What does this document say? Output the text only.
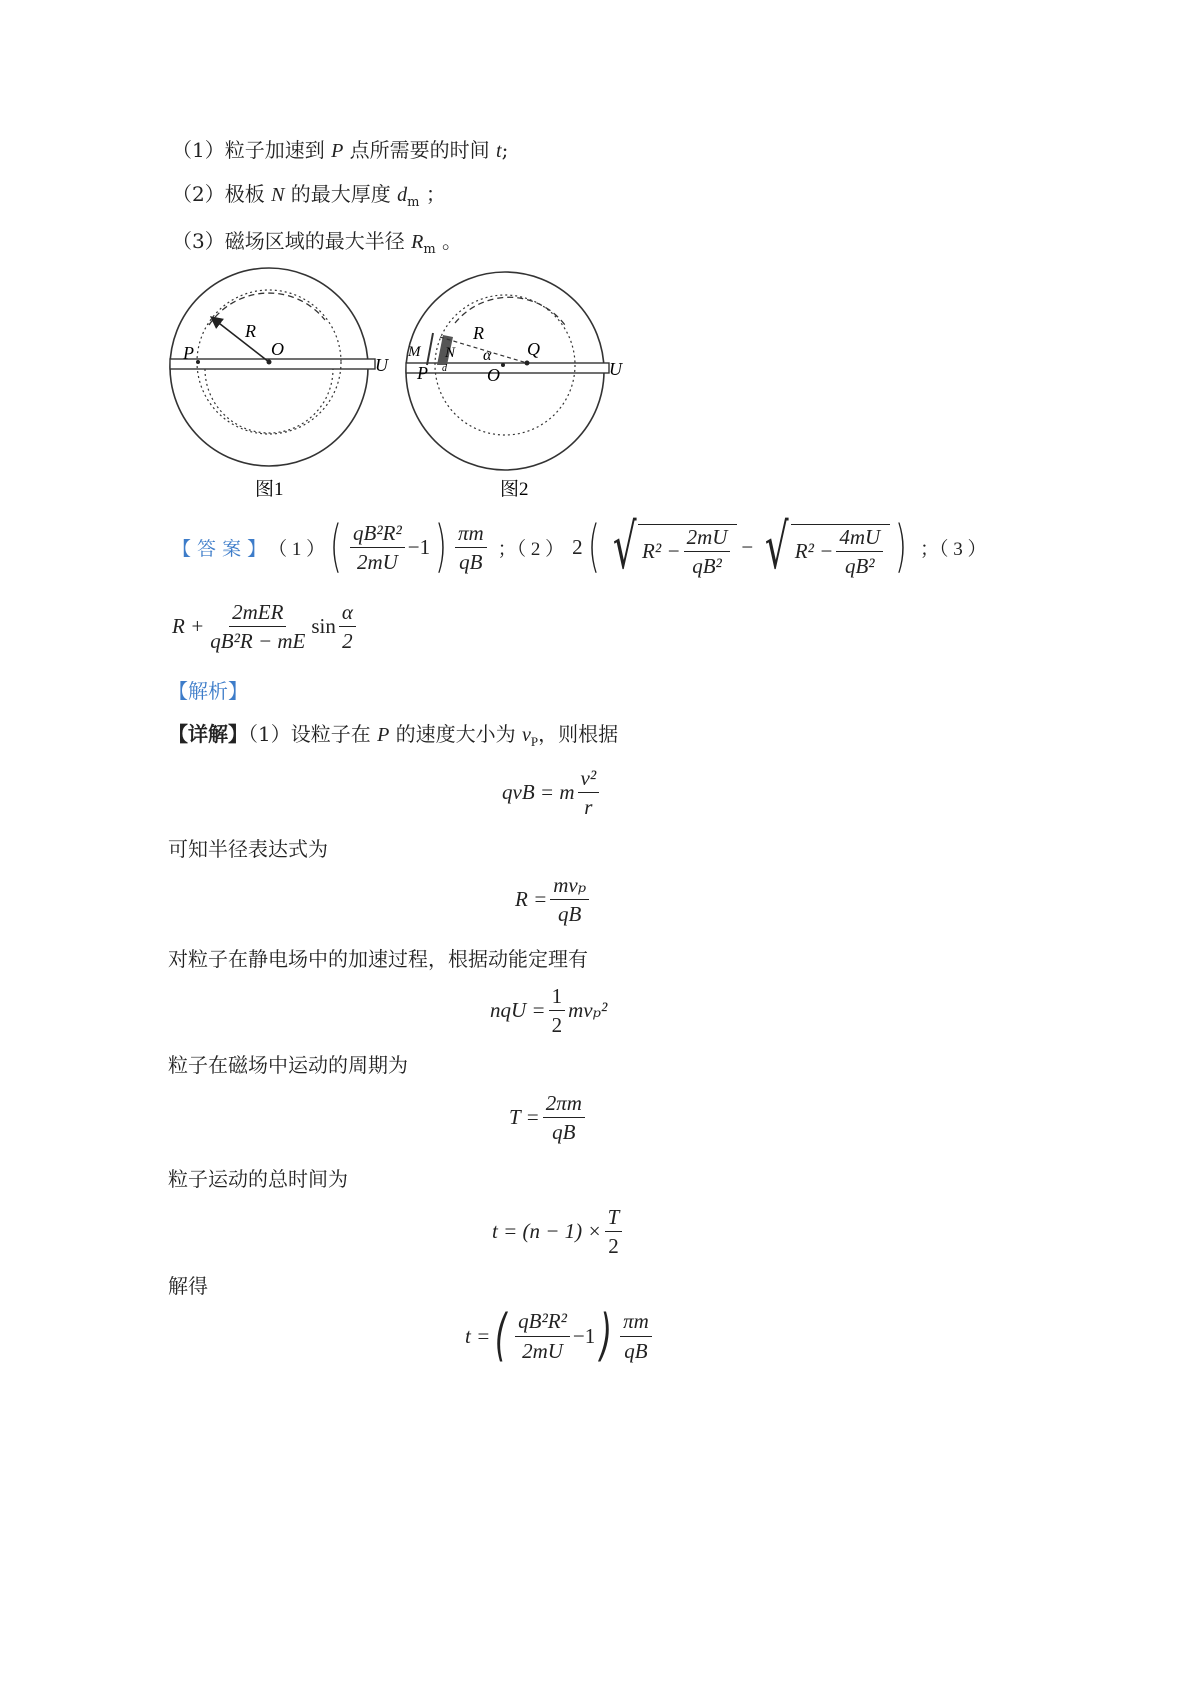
（1）粒子加速到 P 点所需要的时间 t;
（2）极板 N 的最大厚度 $d_m$ ；
（3）磁场区域的最大半径 $R_m$ 。
R
O
P
U
图1
R
α Q
O
M N
d
P	U
图2
【 答 案 】 （ 1 ） ( $\frac{\text{qB²R²}}{2mU} -1$ ) $\frac{\pi m}{qB}$ ；（ 2 ） 2 ( √ $R^2 - \frac{2mU}{\text{qB²}}$ − √ $R^2 - \frac{4mU}{\text{qB²}}$ ) ；（ 3 ）
$R + \frac{\text{2mER}}{\text{qB²R − mE}}$ $\sin \frac{\alpha}{2}$
【解析】
【详解】（1）设粒子在 P 的速度大小为 $v_P$，则根据
qvB = m $\frac{\text{v²}}{r}$
可知半径表达式为
$R = \frac{\text{mvₚ}}{qB}$
对粒子在静电场中的加速过程，根据动能定理有
nqU = $\frac{1}{2} mv_p^2$
粒子在磁场中运动的周期为
$T = \frac{2\pi m}{qB}$
粒子运动的总时间为
$t = (n - 1) \times \frac{T}{2}$
解得
t = ( $\frac{\text{qB²R²}}{2mU} -1$ ) $\frac{\pi m}{qB}$
